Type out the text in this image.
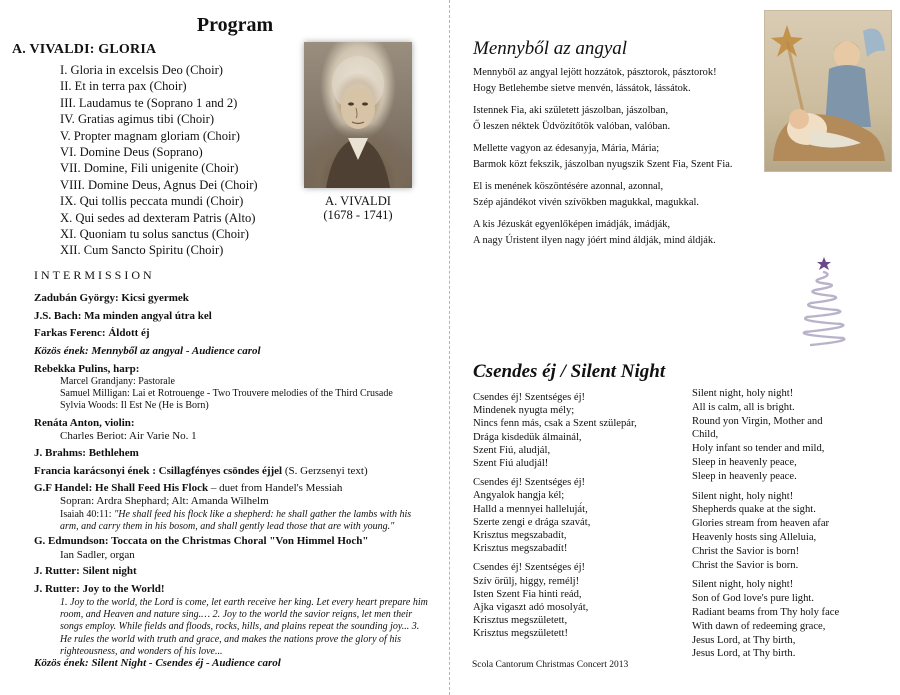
Program
A. VIVALDI: GLORIA
I. Gloria in excelsis Deo (Choir)
II. Et in terra pax (Choir)
III. Laudamus te (Soprano 1 and 2)
IV. Gratias agimus tibi (Choir)
V. Propter magnam gloriam (Choir)
VI. Domine Deus (Soprano)
VII. Domine, Fili unigenite (Choir)
VIII. Domine Deus, Agnus Dei (Choir)
IX. Qui tollis peccata mundi (Choir)
X. Qui sedes ad dexteram Patris (Alto)
XI. Quoniam tu solus sanctus (Choir)
XII. Cum Sancto Spiritu (Choir)
A. VIVALDI
(1678 - 1741)
INTERMISSION
Zadubán György: Kicsi gyermek
J.S. Bach: Ma minden angyal útra kel
Farkas Ferenc: Áldott éj
Közös ének: Mennyből az angyal - Audience carol
Rebekka Pulins, harp:
Marcel Grandjany: Pastorale
Samuel Milligan: Lai et Rotrouenge - Two Trouvere melodies of the Third Crusade
Sylvia Woods: Il Est Ne (He is Born)
Renáta Anton, violin:
Charles Beriot: Air Varie No. 1
J. Brahms: Bethlehem
Francia karácsonyi ének : Csillagfényes csöndes éjjel (S. Gerzsenyi text)
G.F Handel: He Shall Feed His Flock – duet from Handel's Messiah
Sopran: Ardra Shephard; Alt: Amanda Wilhelm
Isaiah 40:11: "He shall feed his flock like a shepherd: he shall gather the lambs with his arm, and carry them in his bosom, and shall gently lead those that are with young."
G. Edmundson: Toccata on the Christmas Choral "Von Himmel Hoch"
Ian Sadler, organ
J. Rutter: Silent night
J. Rutter: Joy to the World!
1. Joy to the world, the Lord is come, let earth receive her king. Let every heart prepare him room, and Heaven and nature sing.… 2. Joy to the world the savior reigns, let men their songs employ. While fields and floods, rocks, hills, and plains repeat the sounding joy... 3. He rules the world with truth and grace, and makes the nations prove the glory of his righteousness, and wonders of his love...
Közös ének: Silent Night - Csendes éj - Audience carol
Mennyből az angyal

Mennyből az angyal lejött hozzátok, pásztorok, pásztorok!
Hogy Betlehembe sietve menvén, lássátok, lássátok.

Istennek Fia, aki született jászolban, jászolban,
Ő leszen néktek Üdvözítőtök valóban, valóban.

Mellette vagyon az édesanyja, Mária, Mária;
Barmok közt fekszik, jászolban nyugszik Szent Fia, Szent Fia.

El is menének köszöntésére azonnal, azonnal,
Szép ajándékot vivén szívökben magukkal, magukkal.

A kis Jézuskát egyenlőképen imádják, imádják,
A nagy Úristent ilyen nagy jóért mind áldják, mind áldják.

Csendes éj / Silent Night
Csendes éj! Szentséges éj!
Mindenek nyugta mély;
Nincs fenn más, csak a Szent szülepár,
Drága kisdedük álmainál,
Szent Fiú, aludjál,
Szent Fiú aludjál!
Csendes éj! Szentséges éj!
Angyalok hangja kél;
Halld a mennyei hallelujá́t,
Szerte zengi e drága szavát,
Krisztus megszabadít,
Krisztus megszabadít!
Csendes éj! Szentséges éj!
Szív örülj, higgy, remélj!
Isten Szent Fia hinti reád,
Ajka vigaszt adó mosolyát,
Krisztus megszületett,
Krisztus megszületett!
Silent night, holy night!
All is calm, all is bright.
Round yon Virgin, Mother and
Child,
Holy infant so tender and mild,
Sleep in heavenly peace,
Sleep in heavenly peace.
Silent night, holy night!
Shepherds quake at the sight.
Glories stream from heaven afar
Heavenly hosts sing Alleluia,
Christ the Savior is born!
Christ the Savior is born.
Silent night, holy night!
Son of God love's pure light.
Radiant beams from Thy holy face
With dawn of redeeming grace,
Jesus Lord, at Thy birth,
Jesus Lord, at Thy birth.
Scola Cantorum Christmas Concert 2013
